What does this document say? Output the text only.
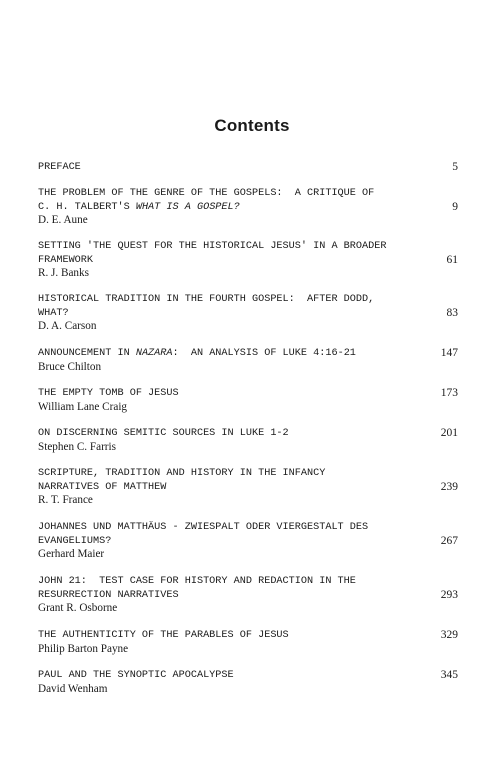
Contents
PREFACE	5
THE PROBLEM OF THE GENRE OF THE GOSPELS:  A CRITIQUE OF
C. H. TALBERT'S WHAT IS A GOSPEL?
D. E. Aune
9
SETTING 'THE QUEST FOR THE HISTORICAL JESUS' IN A BROADER
FRAMEWORK
R. J. Banks
61
HISTORICAL TRADITION IN THE FOURTH GOSPEL:  AFTER DODD,
WHAT?
D. A. Carson
83
ANNOUNCEMENT IN NAZARA:  AN ANALYSIS OF LUKE 4:16-21
Bruce Chilton
147
THE EMPTY TOMB OF JESUS
William Lane Craig
173
ON DISCERNING SEMITIC SOURCES IN LUKE 1-2
Stephen C. Farris
201
SCRIPTURE, TRADITION AND HISTORY IN THE INFANCY
NARRATIVES OF MATTHEW
R. T. France
239
JOHANNES UND MATTHÄUS - ZWIESPALT ODER VIERGESTALT DES
EVANGELIUMS?
Gerhard Maier
267
JOHN 21:  TEST CASE FOR HISTORY AND REDACTION IN THE
RESURRECTION NARRATIVES
Grant R. Osborne
293
THE AUTHENTICITY OF THE PARABLES OF JESUS
Philip Barton Payne
329
PAUL AND THE SYNOPTIC APOCALYPSE
David Wenham
345
